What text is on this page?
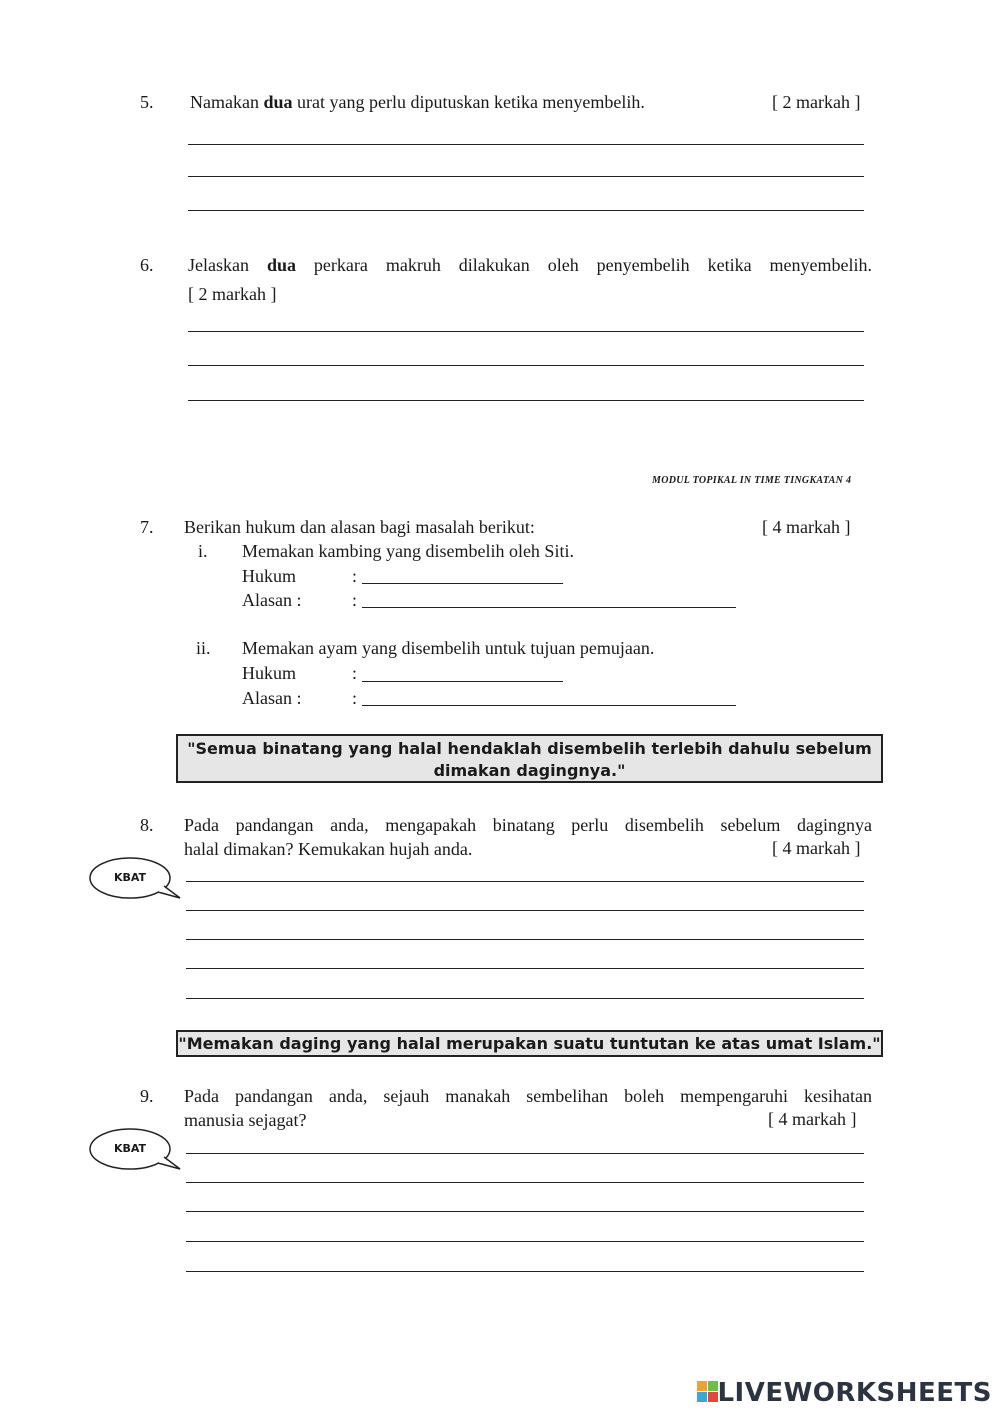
5. Namakan dua urat yang perlu diputuskan ketika menyembelih.	[ 2 markah ]
6. Jelaskan dua perkara makruh dilakukan oleh penyembelih ketika menyembelih.
[ 2 markah ]
MODUL TOPIKAL IN TIME TINGKATAN 4
7. Berikan hukum dan alasan bagi masalah berikut:	[ 4 markah ]
i. Memakan kambing yang disembelih oleh Siti.
Hukum	:
Alasan :	:
ii. Memakan ayam yang disembelih untuk tujuan pemujaan.
Hukum	:
Alasan :	:
"Semua binatang yang halal hendaklah disembelih terlebih dahulu sebelum
dimakan dagingnya."
8. Pada pandangan anda, mengapakah binatang perlu disembelih sebelum dagingnya
halal dimakan? Kemukakan hujah anda.	[ 4 markah ]
KBAT
"Memakan daging yang halal merupakan suatu tuntutan ke atas umat Islam."
9. Pada pandangan anda, sejauh manakah sembelihan boleh mempengaruhi kesihatan
manusia sejagat?	[ 4 markah ]
KBAT
LIVEWORKSHEETS
